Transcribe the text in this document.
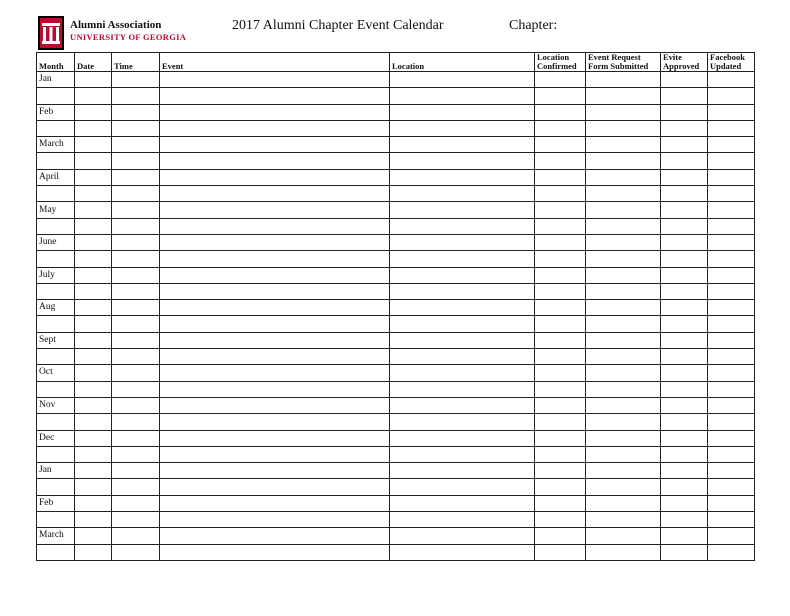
Alumni Association
UNIVERSITY OF GEORGIA
2017 Alumni Chapter Event Calendar	Chapter:
Month	Date	Time	Event	Location	Location Confirmed	Event Request Form Submitted	Evite Approved	Facebook Updated
Jan								

Feb								

March								

April								

May								

June								

July								

Aug								

Sept								

Oct								

Nov								

Dec								

Jan								

Feb								

March								
